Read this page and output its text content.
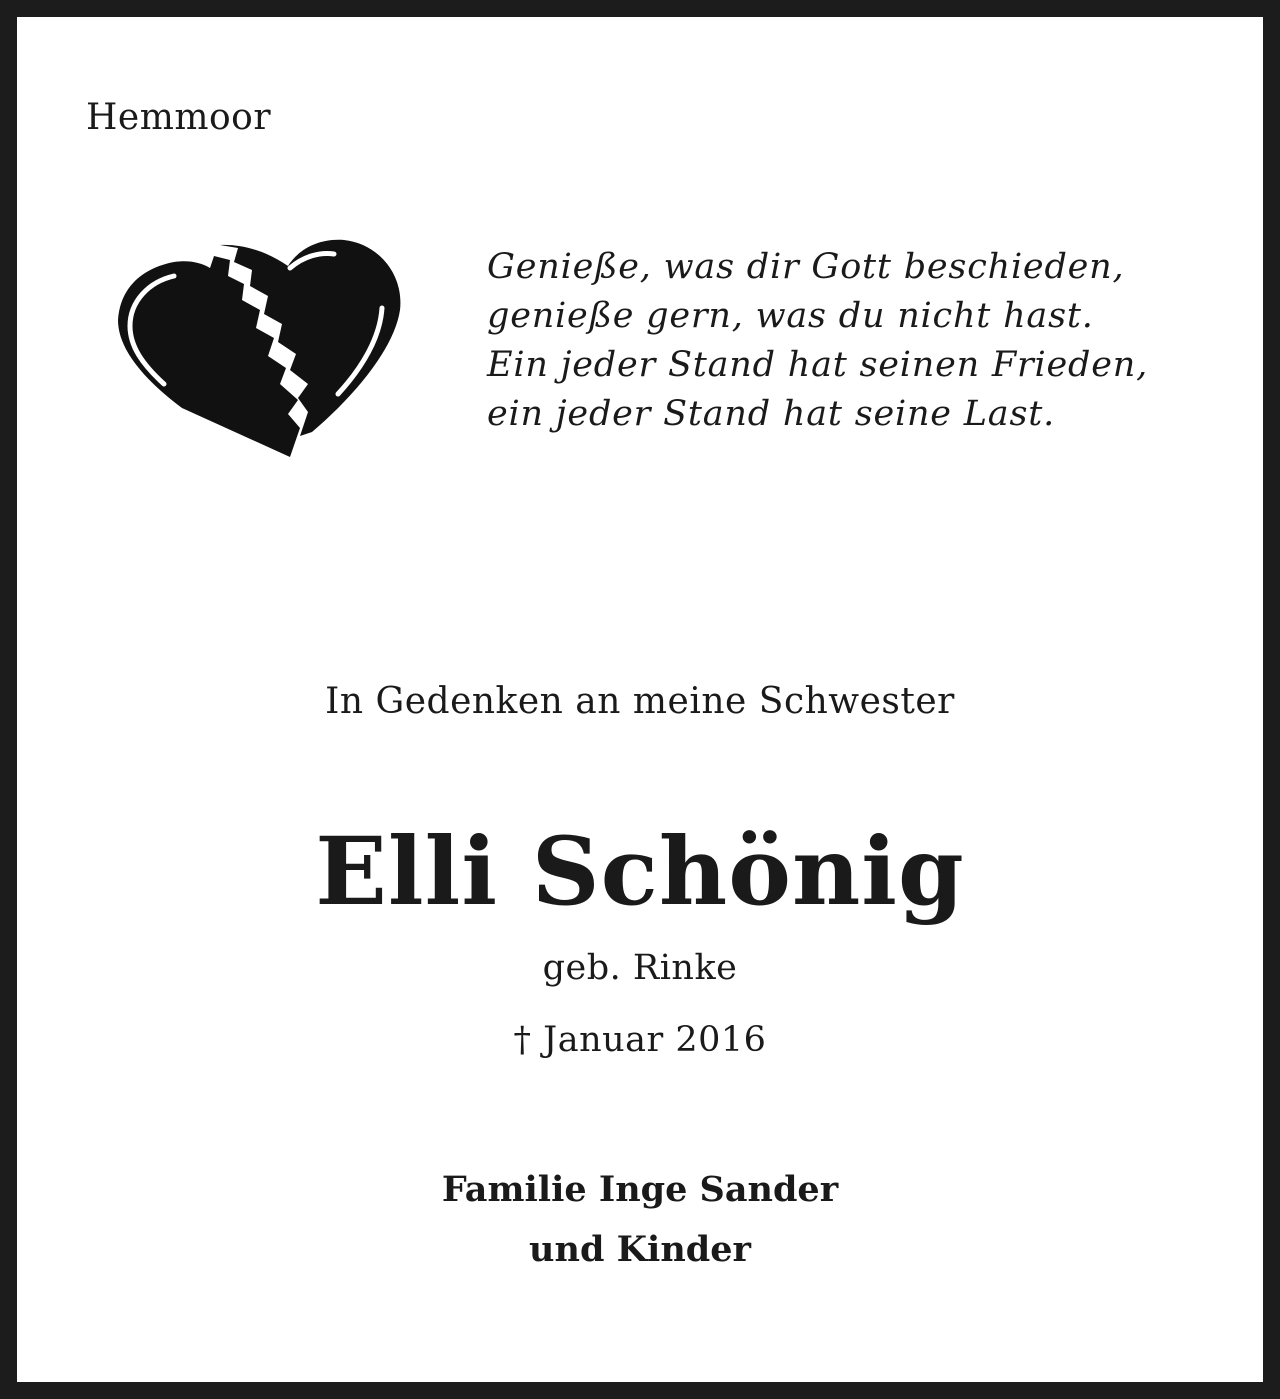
Hemmoor
Genieße, was dir Gott beschieden,
genieße gern, was du nicht hast.
Ein jeder Stand hat seinen Frieden,
ein jeder Stand hat seine Last.
In Gedenken an meine Schwester
Elli Schönig
geb. Rinke
† Januar 2016
Familie Inge Sander
und Kinder
